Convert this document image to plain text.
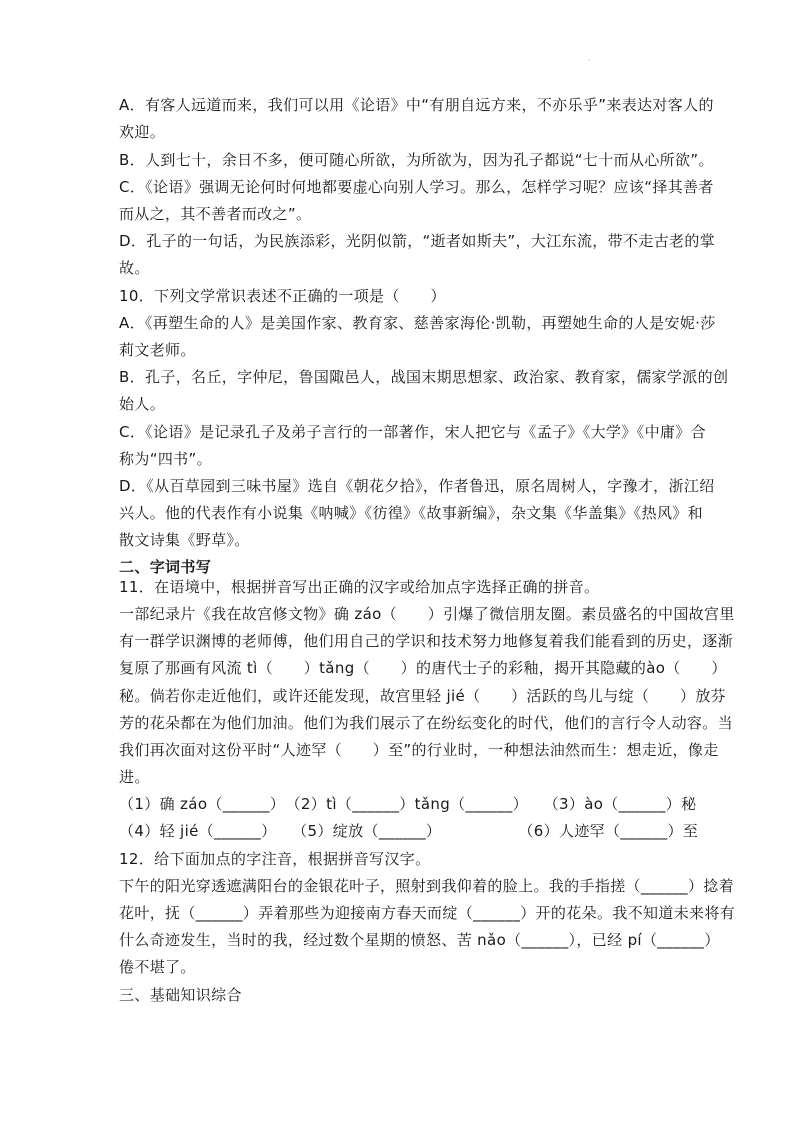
·

A．有客人远道而来，我们可以用《论语》中“有朋自远方来，不亦乐乎”来表达对客人的

欢迎。

B．人到七十，余日不多，便可随心所欲，为所欲为，因为孔子都说“七十而从心所欲”。

C．《论语》强调无论何时何地都要虚心向别人学习。那么，怎样学习呢？应该“择其善者

而从之，其不善者而改之”。

D．孔子的一句话，为民族添彩，光阴似箭，“逝者如斯夫”，大江东流，带不走古老的掌

故。

10．下列文学常识表述不正确的一项是（　　）

A．《再塑生命的人》是美国作家、教育家、慈善家海伦·凯勒，再塑她生命的人是安妮·莎

莉文老师。

B．孔子，名丘，字仲尼，鲁国陬邑人，战国末期思想家、政治家、教育家，儒家学派的创

始人。

C．《论语》是记录孔子及弟子言行的一部著作，宋人把它与《孟子》《大学》《中庸》合

称为“四书”。

D．《从百草园到三味书屋》选自《朝花夕拾》，作者鲁迅，原名周树人，字豫才，浙江绍

兴人。他的代表作有小说集《呐喊》《彷徨》《故事新编》，杂文集《华盖集》《热风》和

散文诗集《野草》。

二、字词书写

11．在语境中，根据拼音写出正确的汉字或给加点字选择正确的拼音。

一部纪录片《我在故宫修文物》确 záo（　　）引爆了微信朋友圈。素员盛名的中国故宫里

有一群学识渊博的老师傅，他们用自己的学识和技术努力地修复着我们能看到的历史，逐渐

复原了那画有风流 tì（　　）tǎng（　　）的唐代士子的彩釉，揭开其隐藏的ào（　　）

秘。倘若你走近他们，或许还能发现，故宫里轻 jié（　　）活跃的鸟儿与绽（　　）放芬

芳的花朵都在为他们加油。他们为我们展示了在纷纭变化的时代，他们的言行令人动容。当

我们再次面对这份平时“人迹罕（　　）至”的行业时，一种想法油然而生：想走近，像走

进。

（1）确 záo（______）　（2）tì（______）tǎng（______）　　（3）ào（______）秘

（4）轻 jié（______）　　（5）绽放（______）　　　　　　（6）人迹罕（______）至

12．给下面加点的字注音，根据拼音写汉字。

下午的阳光穿透遮满阳台的金银花叶子，照射到我仰着的脸上。我的手指搓（______）捻着

花叶，抚（______）弄着那些为迎接南方春天而绽（______）开的花朵。我不知道未来将有

什么奇迹发生，当时的我，经过数个星期的愤怒、苦 nǎo（______），已经 pí（______）

倦不堪了。

三、基础知识综合
